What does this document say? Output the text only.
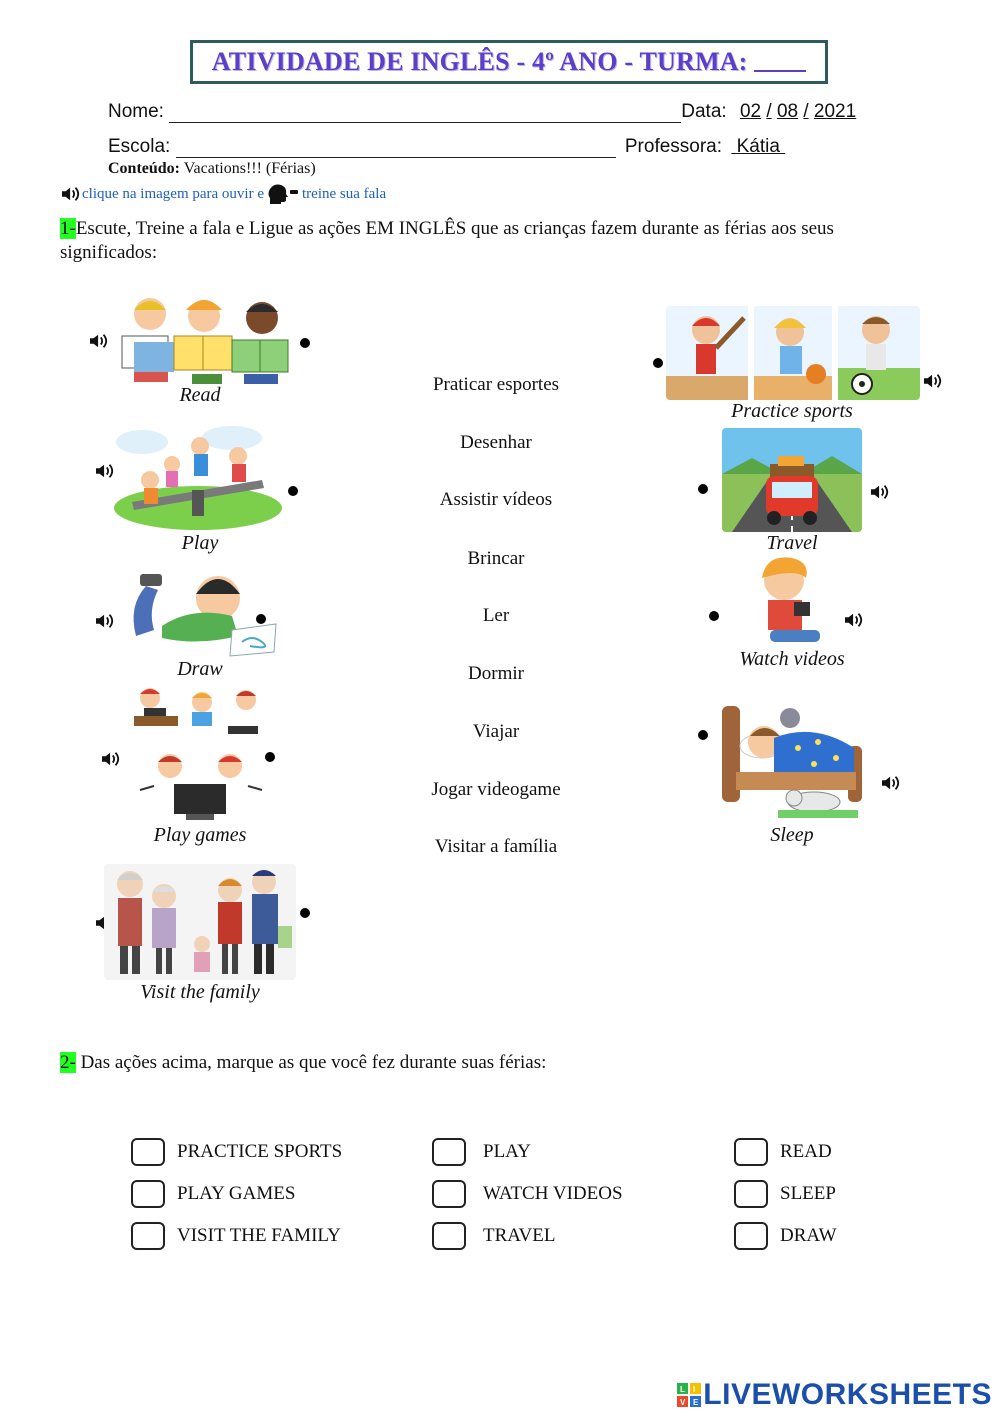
ATIVIDADE DE INGLÊS - 4º ANO - TURMA:
Nome:	Data: 02 / 08 / 2021
Escola:	Professora: Kátia
Conteúdo: Vacations!!! (Férias)
clique na imagem para ouvir e	treine sua fala
1-Escute, Treine a fala e Ligue as ações EM INGLÊS que as crianças fazem durante as férias aos seus significados:
Read
Play
Draw
Play games
Visit the family
Praticar esportes
Desenhar
Assistir vídeos
Brincar
Ler
Dormir
Viajar
Jogar videogame
Visitar a família
Practice sports
Travel
Watch videos
Sleep
2- Das ações acima, marque as que você fez durante suas férias:
PRACTICE SPORTS	PLAY	READ
PLAY GAMES	WATCH VIDEOS	SLEEP
VISIT THE FAMILY	TRAVEL	DRAW
L I
V E LIVEWORKSHEETS
